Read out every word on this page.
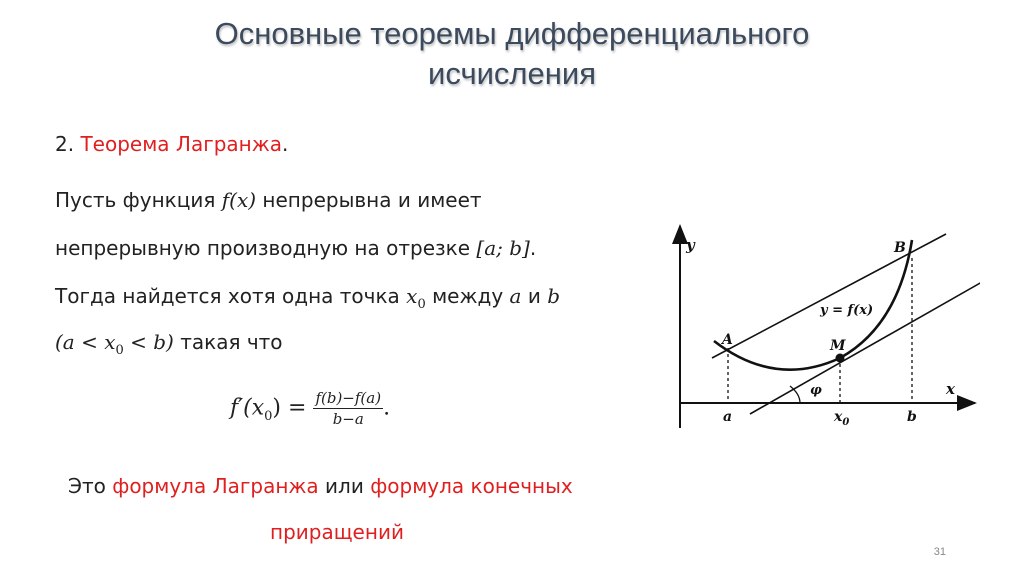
Основные теоремы дифференциального
исчисления
2. Теорема Лагранжа.
Пусть функция f(x) непрерывна и имеет
непрерывную производную на отрезке [a; b].
Тогда найдется хотя одна точка $x_0$ между a и b
$(a < x_0 < b)$ такая что
$f'(x_0) = \frac{f(b)-f(a)}{b-a}$ .
Это формула Лагранжа или формула конечных
приращений
y
x
A
B
M
φ
y = f(x)
a	$x_0$	b
31
